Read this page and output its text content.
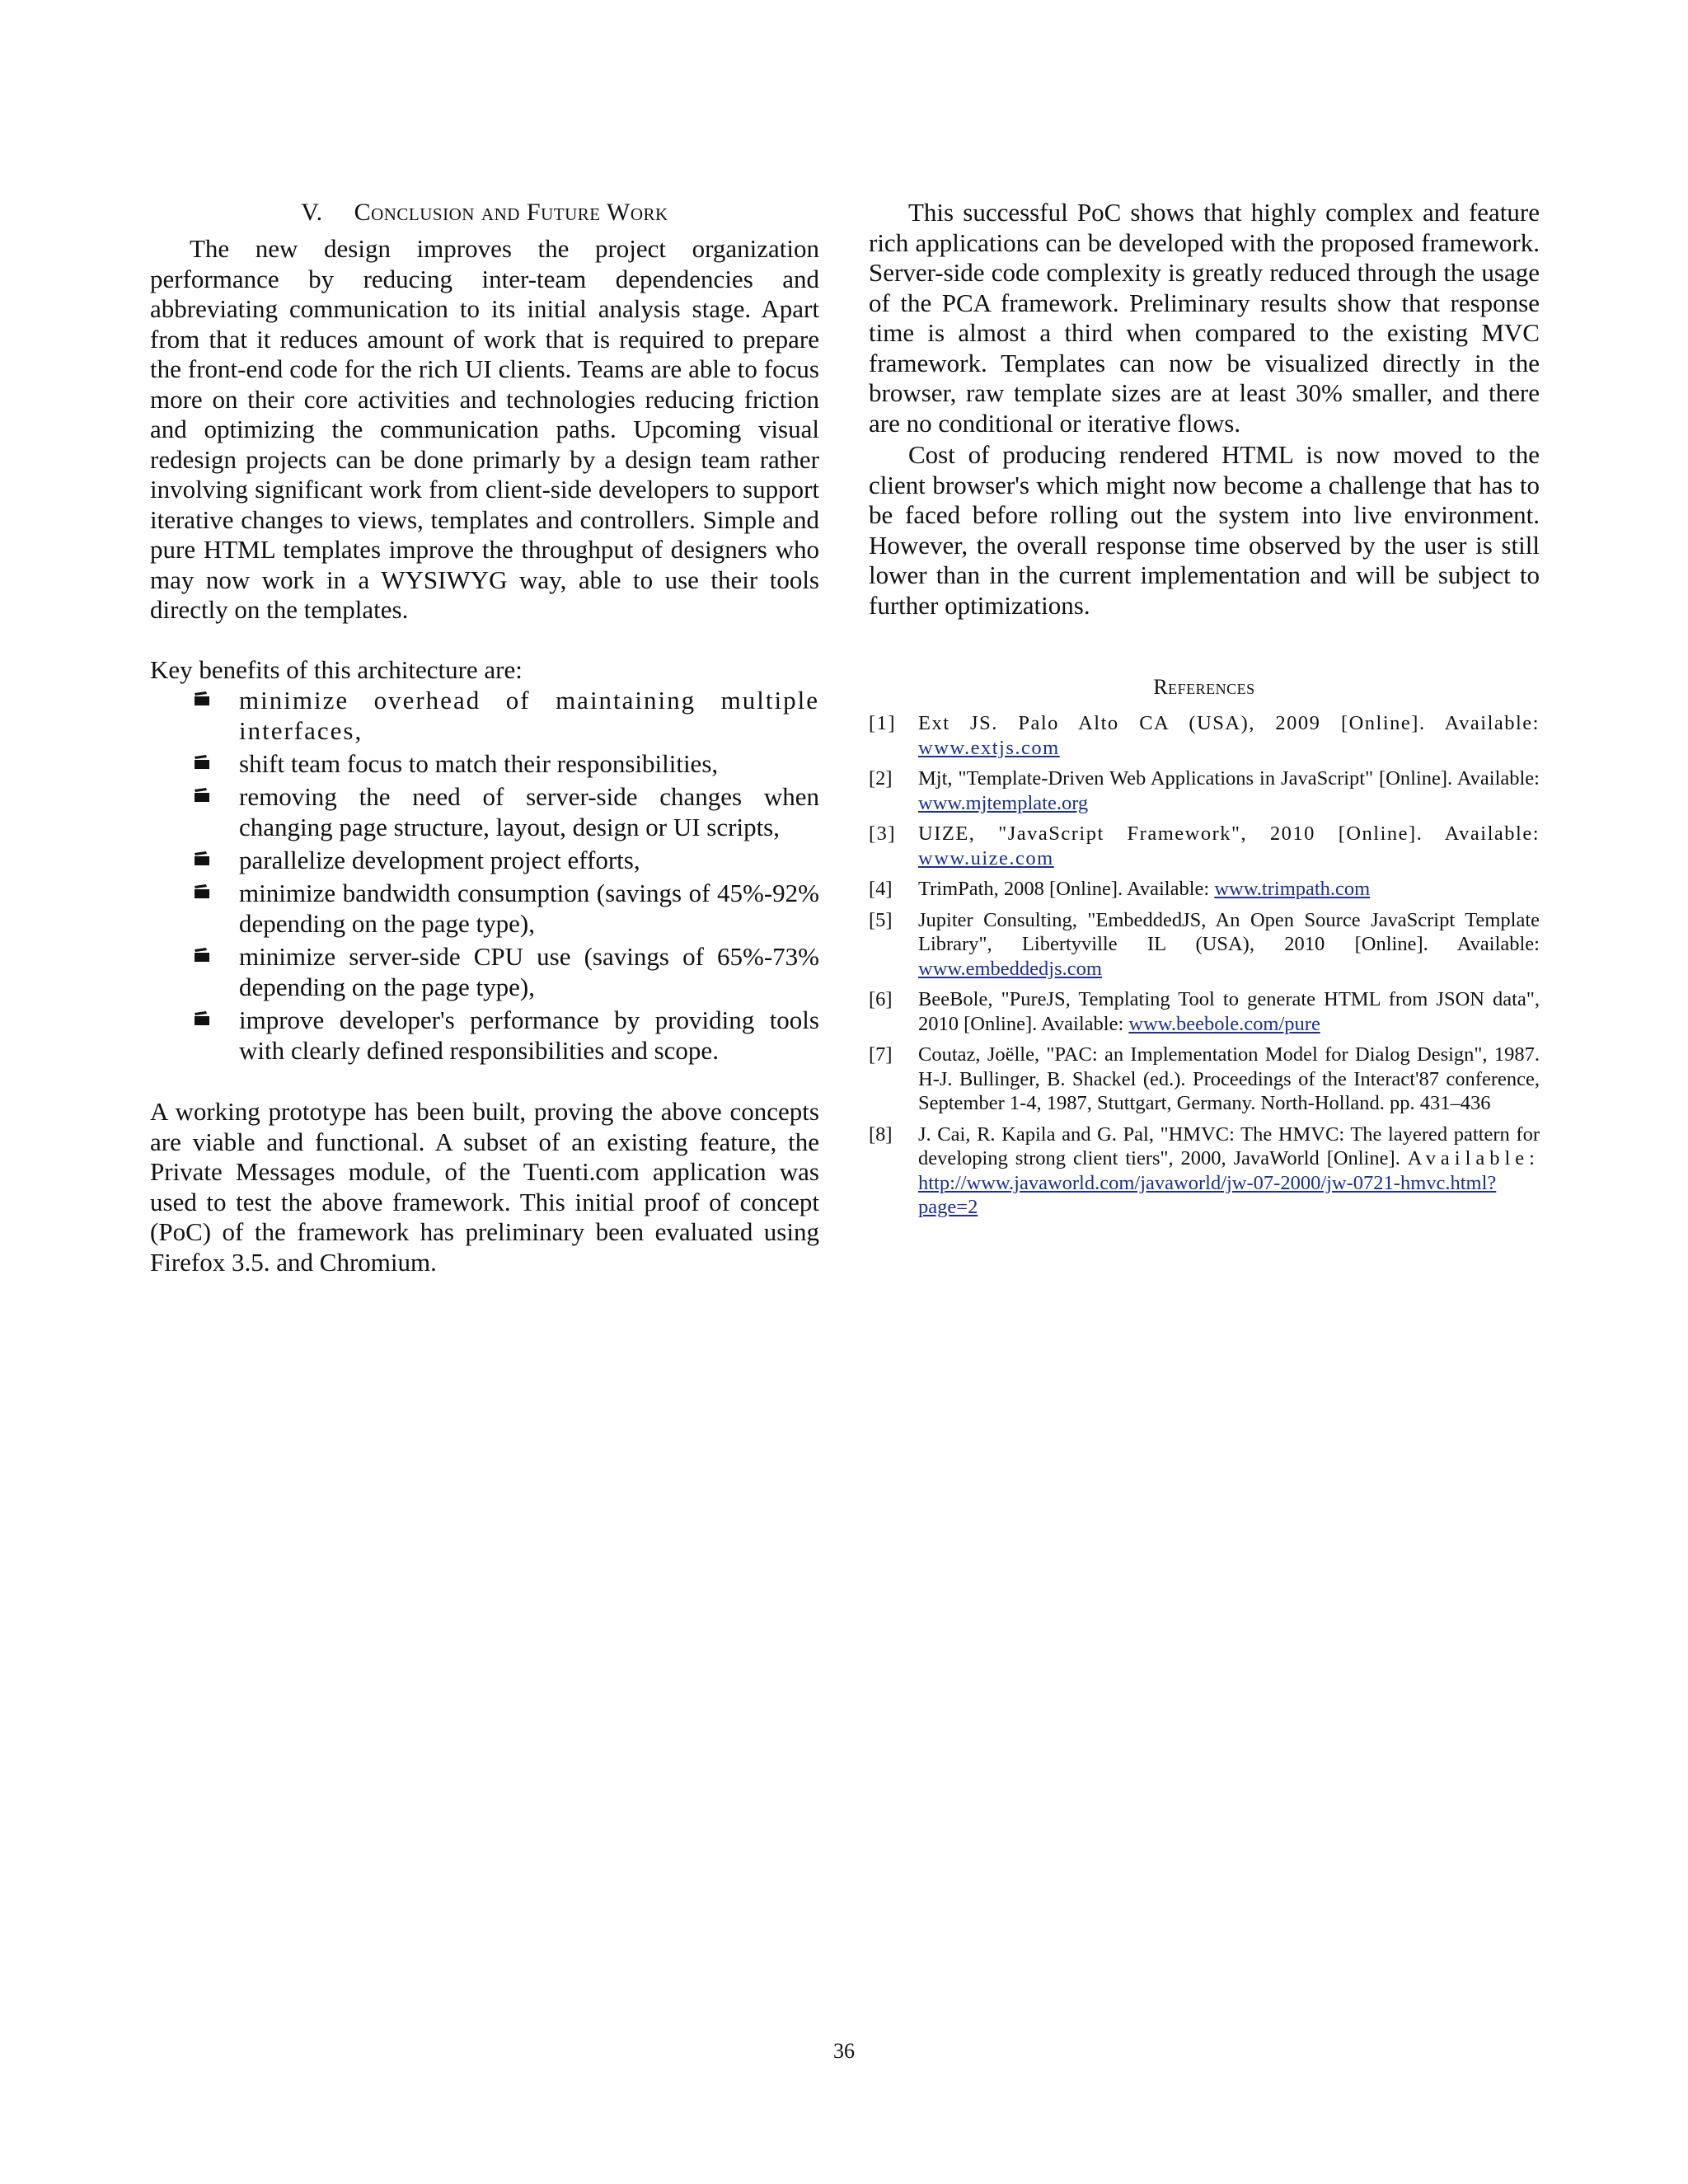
V. Conclusion and Future Work

The new design improves the project organization performance by reducing inter-team dependencies and abbreviating communication to its initial analysis stage. Apart from that it reduces amount of work that is required to prepare the front-end code for the rich UI clients. Teams are able to focus more on their core activities and technologies reducing friction and optimizing the communication paths. Upcoming visual redesign projects can be done primarly by a design team rather involving significant work from client-side developers to support iterative changes to views, templates and controllers. Simple and pure HTML templates improve the throughput of designers who may now work in a WYSIWYG way, able to use their tools directly on the templates.

Key benefits of this architecture are:

minimize overhead of maintaining multiple interfaces,
shift team focus to match their responsibilities,
removing the need of server-side changes when changing page structure, layout, design or UI scripts,
parallelize development project efforts,
minimize bandwidth consumption (savings of 45%-92% depending on the page type),
minimize server-side CPU use (savings of 65%-73% depending on the page type),
improve developer's performance by providing tools with clearly defined responsibilities and scope.

A working prototype has been built, proving the above concepts are viable and functional. A subset of an existing feature, the Private Messages module, of the Tuenti.com application was used to test the above framework. This initial proof of concept (PoC) of the framework has preliminary been evaluated using Firefox 3.5. and Chromium.

This successful PoC shows that highly complex and feature rich applications can be developed with the proposed framework. Server-side code complexity is greatly reduced through the usage of the PCA framework. Preliminary results show that response time is almost a third when compared to the existing MVC framework. Templates can now be visualized directly in the browser, raw template sizes are at least 30% smaller, and there are no conditional or iterative flows.

Cost of producing rendered HTML is now moved to the client browser's which might now become a challenge that has to be faced before rolling out the system into live environment. However, the overall response time observed by the user is still lower than in the current implementation and will be subject to further optimizations.

References
[1] Ext JS. Palo Alto CA (USA), 2009 [Online]. Available: www.extjs.com
[2] Mjt, "Template-Driven Web Applications in JavaScript" [Online]. Available: www.mjtemplate.org
[3] UIZE, "JavaScript Framework", 2010 [Online]. Available: www.uize.com
[4] TrimPath, 2008 [Online]. Available: www.trimpath.com
[5] Jupiter Consulting, "EmbeddedJS, An Open Source JavaScript Template Library", Libertyville IL (USA), 2010 [Online]. Available: www.embeddedjs.com
[6] BeeBole, "PureJS, Templating Tool to generate HTML from JSON data", 2010 [Online]. Available: www.beebole.com/pure
[7] Coutaz, Joëlle, "PAC: an Implementation Model for Dialog Design", 1987. H-J. Bullinger, B. Shackel (ed.). Proceedings of the Interact'87 conference, September 1-4, 1987, Stuttgart, Germany. North-Holland. pp. 431–436
[8] J. Cai, R. Kapila and G. Pal, "HMVC: The HMVC: The layered pattern for developing strong client tiers", 2000, JavaWorld [Online]. Available: http://www.javaworld.com/javaworld/jw-07-2000/jw-0721-hmvc.html?page=2
36
